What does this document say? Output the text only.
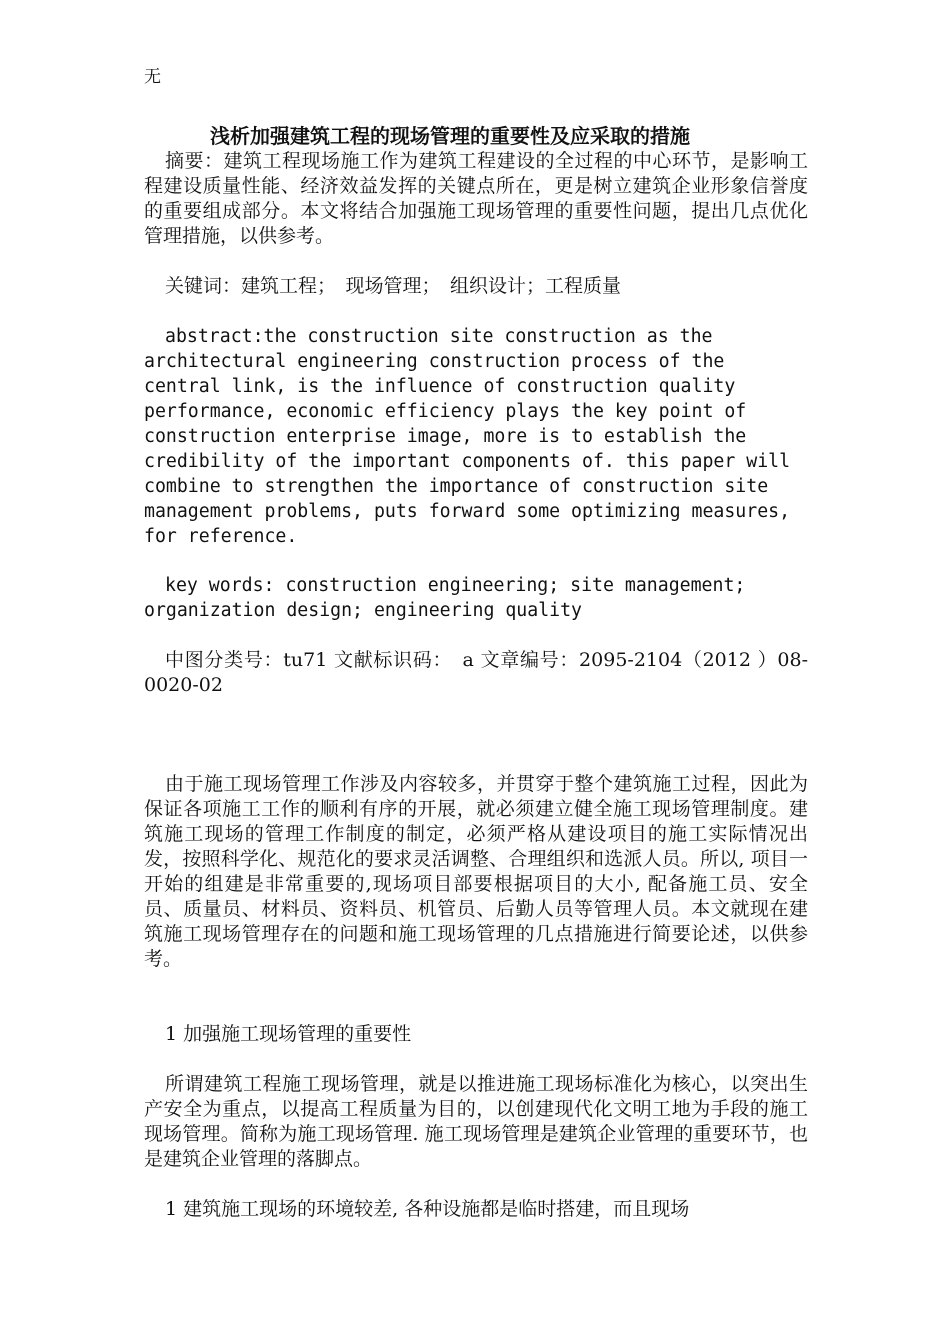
无
浅析加强建筑工程的现场管理的重要性及应采取的措施
摘要：建筑工程现场施工作为建筑工程建设的全过程的中心环节，是影响工程建设质量性能、经济效益发挥的关键点所在，更是树立建筑企业形象信誉度的重要组成部分。本文将结合加强施工现场管理的重要性问题，提出几点优化管理措施，以供参考。
关键词：建筑工程；　现场管理；　组织设计；工程质量
abstract:the construction site construction as the architectural engineering construction process of the central link, is the influence of construction quality performance, economic efficiency plays the key point of construction enterprise image, more is to establish the credibility of the important components of. this paper will combine to strengthen the importance of construction site management problems, puts forward some optimizing measures, for reference.
key words: construction engineering; site management; organization design; engineering quality
中图分类号：tu71 文献标识码：　a 文章编号：2095-2104（2012 ）08-0020-02
由于施工现场管理工作涉及内容较多，并贯穿于整个建筑施工过程，因此为保证各项施工工作的顺利有序的开展，就必须建立健全施工现场管理制度。建筑施工现场的管理工作制度的制定，必须严格从建设项目的施工实际情况出发，按照科学化、规范化的要求灵活调整、合理组织和选派人员。所以, 项目一开始的组建是非常重要的,现场项目部要根据项目的大小, 配备施工员、安全员、质量员、材料员、资料员、机管员、后勤人员等管理人员。本文就现在建筑施工现场管理存在的问题和施工现场管理的几点措施进行简要论述，以供参考。
1 加强施工现场管理的重要性
所谓建筑工程施工现场管理，就是以推进施工现场标准化为核心，以突出生产安全为重点，以提高工程质量为目的，以创建现代化文明工地为手段的施工现场管理。简称为施工现场管理. 施工现场管理是建筑企业管理的重要环节，也是建筑企业管理的落脚点。
1 建筑施工现场的环境较差, 各种设施都是临时搭建，而且现场
